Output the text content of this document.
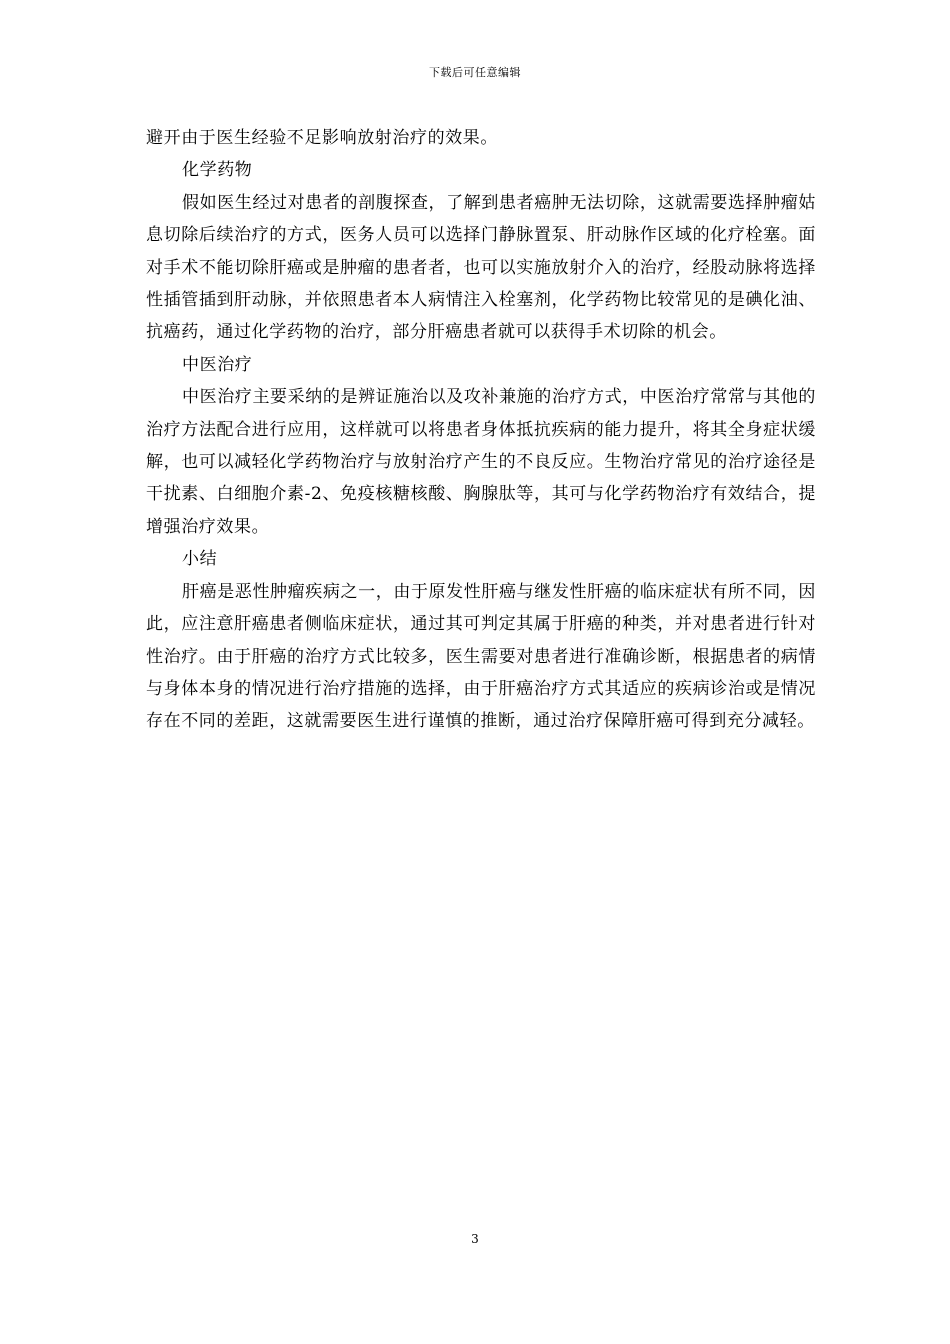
下载后可任意编辑

避开由于医生经验不足影响放射治疗的效果。

化学药物

假如医生经过对患者的剖腹探查，了解到患者癌肿无法切除，这就需要选择肿瘤姑息切除后续治疗的方式，医务人员可以选择门静脉置泵、肝动脉作区域的化疗栓塞。面对手术不能切除肝癌或是肿瘤的患者者，也可以实施放射介入的治疗，经股动脉将选择性插管插到肝动脉，并依照患者本人病情注入栓塞剂，化学药物比较常见的是碘化油、抗癌药，通过化学药物的治疗，部分肝癌患者就可以获得手术切除的机会。

中医治疗

中医治疗主要采纳的是辨证施治以及攻补兼施的治疗方式，中医治疗常常与其他的治疗方法配合进行应用，这样就可以将患者身体抵抗疾病的能力提升，将其全身症状缓解，也可以减轻化学药物治疗与放射治疗产生的不良反应。生物治疗常见的治疗途径是干扰素、白细胞介素-2、免疫核糖核酸、胸腺肽等，其可与化学药物治疗有效结合，提增强治疗效果。

小结

肝癌是恶性肿瘤疾病之一，由于原发性肝癌与继发性肝癌的临床症状有所不同，因此，应注意肝癌患者侧临床症状，通过其可判定其属于肝癌的种类，并对患者进行针对性治疗。由于肝癌的治疗方式比较多，医生需要对患者进行准确诊断，根据患者的病情与身体本身的情况进行治疗措施的选择，由于肝癌治疗方式其适应的疾病诊治或是情况存在不同的差距，这就需要医生进行谨慎的推断，通过治疗保障肝癌可得到充分减轻。

3
